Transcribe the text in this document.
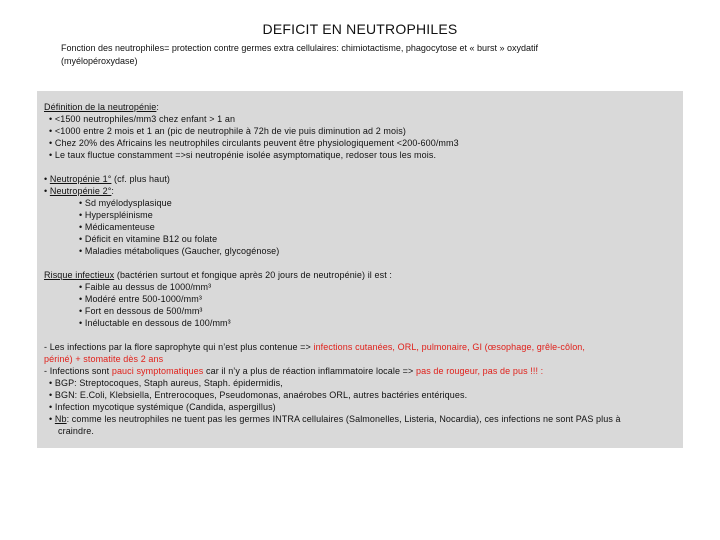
DEFICIT EN NEUTROPHILES
Fonction des neutrophiles= protection contre germes extra cellulaires: chimiotactisme, phagocytose et « burst » oxydatif
(myélopéroxydase)
Définition de la neutropénie:
• <1500 neutrophiles/mm3 chez enfant > 1 an
• <1000 entre 2 mois et 1 an (pic de neutrophile à 72h de vie puis diminution ad 2 mois)
• Chez 20% des Africains les neutrophiles circulants peuvent être physiologiquement <200-600/mm3
• Le taux fluctue constamment =>si neutropénie isolée asymptomatique, redoser tous les mois.
• Neutropénie 1° (cf. plus haut)
• Neutropénie 2°:
• Sd myélodysplasique
• Hyperspléinisme
• Médicamenteuse
• Déficit en vitamine B12 ou folate
• Maladies métaboliques (Gaucher, glycogénose)
Risque infectieux (bactérien surtout et fongique après 20 jours de neutropénie) il est :
• Faible au dessus de 1000/mm³
• Modéré entre 500-1000/mm³
• Fort en dessous de 500/mm³
• Inéluctable en dessous de 100/mm³
- Les infections par la flore saprophyte qui n’est plus contenue => infections cutanées, ORL, pulmonaire, GI (œsophage, grêle-côlon,
périné) + stomatite dès 2 ans
- Infections sont pauci symptomatiques car il n’y a plus de réaction inflammatoire locale => pas de rougeur, pas de pus !!! :
• BGP: Streptocoques, Staph aureus, Staph. épidermidis,
• BGN: E.Coli, Klebsiella, Entrerocoques, Pseudomonas, anaérobes ORL, autres bactéries entériques.
• Infection mycotique systémique (Candida, aspergillus)
• Nb: comme les neutrophiles ne tuent pas les germes INTRA cellulaires (Salmonelles, Listeria, Nocardia), ces infections ne sont PAS plus à
craindre.
